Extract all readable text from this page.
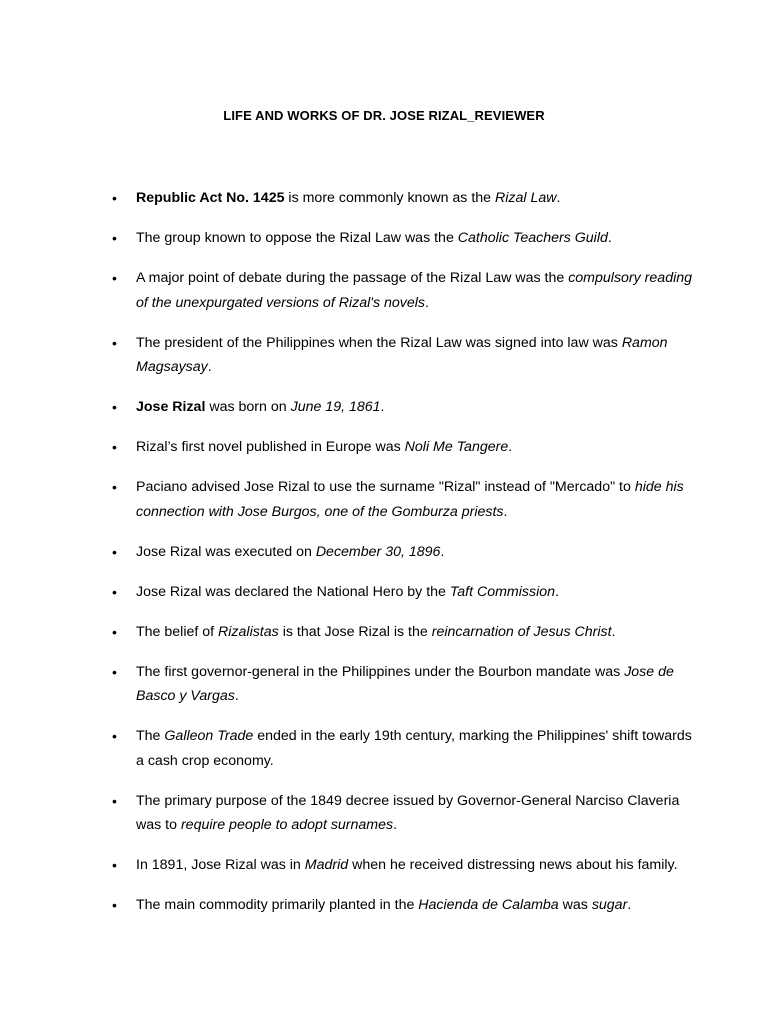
LIFE AND WORKS OF DR. JOSE RIZAL_REVIEWER
•	Republic Act No. 1425 is more commonly known as the Rizal Law.
•	The group known to oppose the Rizal Law was the Catholic Teachers Guild.
•	A major point of debate during the passage of the Rizal Law was the compulsory reading of the unexpurgated versions of Rizal's novels.
•	The president of the Philippines when the Rizal Law was signed into law was Ramon Magsaysay.
•	Jose Rizal was born on June 19, 1861.
•	Rizal’s first novel published in Europe was Noli Me Tangere.
•	Paciano advised Jose Rizal to use the surname "Rizal" instead of "Mercado" to hide his connection with Jose Burgos, one of the Gomburza priests.
•	Jose Rizal was executed on December 30, 1896.
•	Jose Rizal was declared the National Hero by the Taft Commission.
•	The belief of Rizalistas is that Jose Rizal is the reincarnation of Jesus Christ.
•	The first governor-general in the Philippines under the Bourbon mandate was Jose de Basco y Vargas.
•	The Galleon Trade ended in the early 19th century, marking the Philippines' shift towards a cash crop economy.
•	The primary purpose of the 1849 decree issued by Governor-General Narciso Claveria was to require people to adopt surnames.
•	In 1891, Jose Rizal was in Madrid when he received distressing news about his family.
•	The main commodity primarily planted in the Hacienda de Calamba was sugar.
